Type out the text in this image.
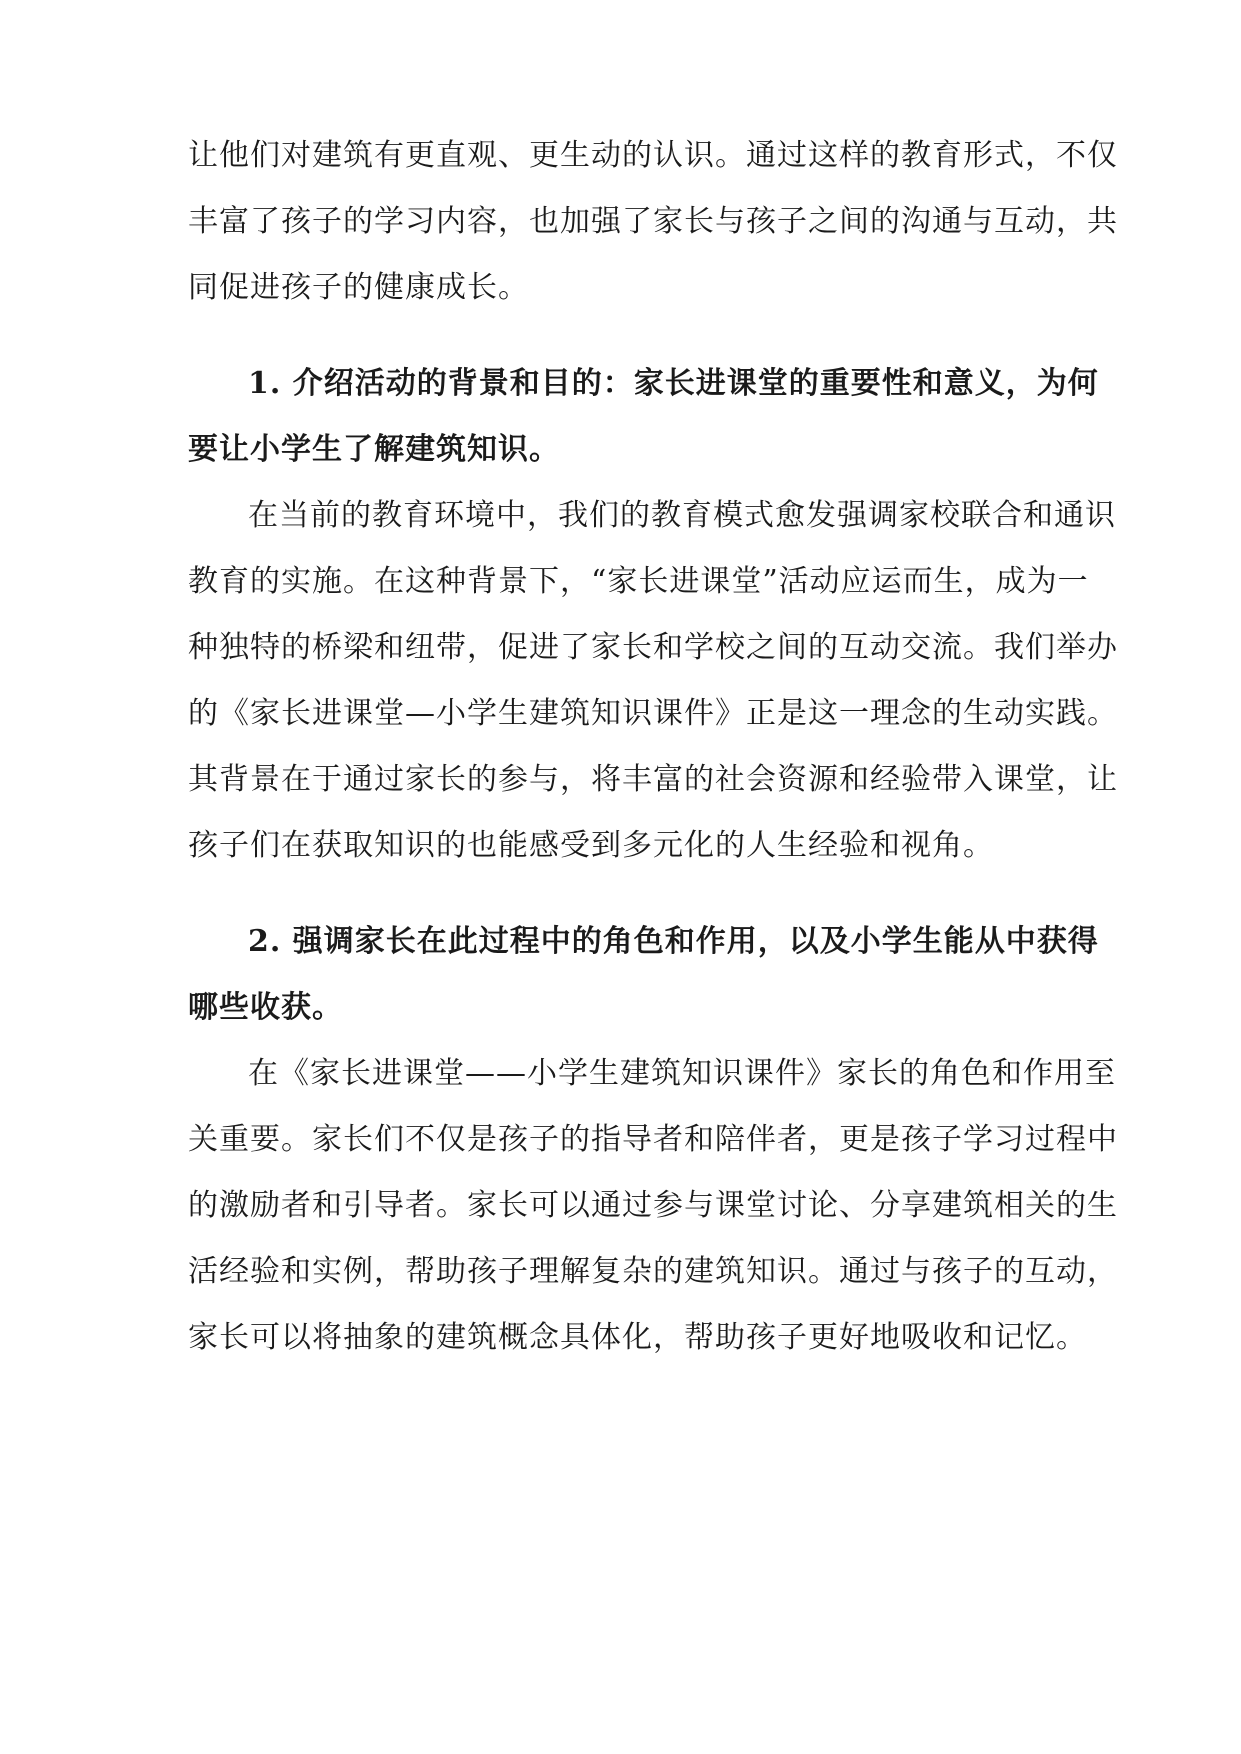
让他们对建筑有更直观、更生动的认识。通过这样的教育形式，不仅
丰富了孩子的学习内容，也加强了家长与孩子之间的沟通与互动，共
同促进孩子的健康成长。
1. 介绍活动的背景和目的：家长进课堂的重要性和意义，为何
要让小学生了解建筑知识。
在当前的教育环境中，我们的教育模式愈发强调家校联合和通识
教育的实施。在这种背景下，“家长进课堂”活动应运而生，成为一
种独特的桥梁和纽带，促进了家长和学校之间的互动交流。我们举办
的《家长进课堂—小学生建筑知识课件》正是这一理念的生动实践。
其背景在于通过家长的参与，将丰富的社会资源和经验带入课堂，让
孩子们在获取知识的也能感受到多元化的人生经验和视角。
2. 强调家长在此过程中的角色和作用，以及小学生能从中获得
哪些收获。
在《家长进课堂——小学生建筑知识课件》家长的角色和作用至
关重要。家长们不仅是孩子的指导者和陪伴者，更是孩子学习过程中
的激励者和引导者。家长可以通过参与课堂讨论、分享建筑相关的生
活经验和实例，帮助孩子理解复杂的建筑知识。通过与孩子的互动，
家长可以将抽象的建筑概念具体化，帮助孩子更好地吸收和记忆。
